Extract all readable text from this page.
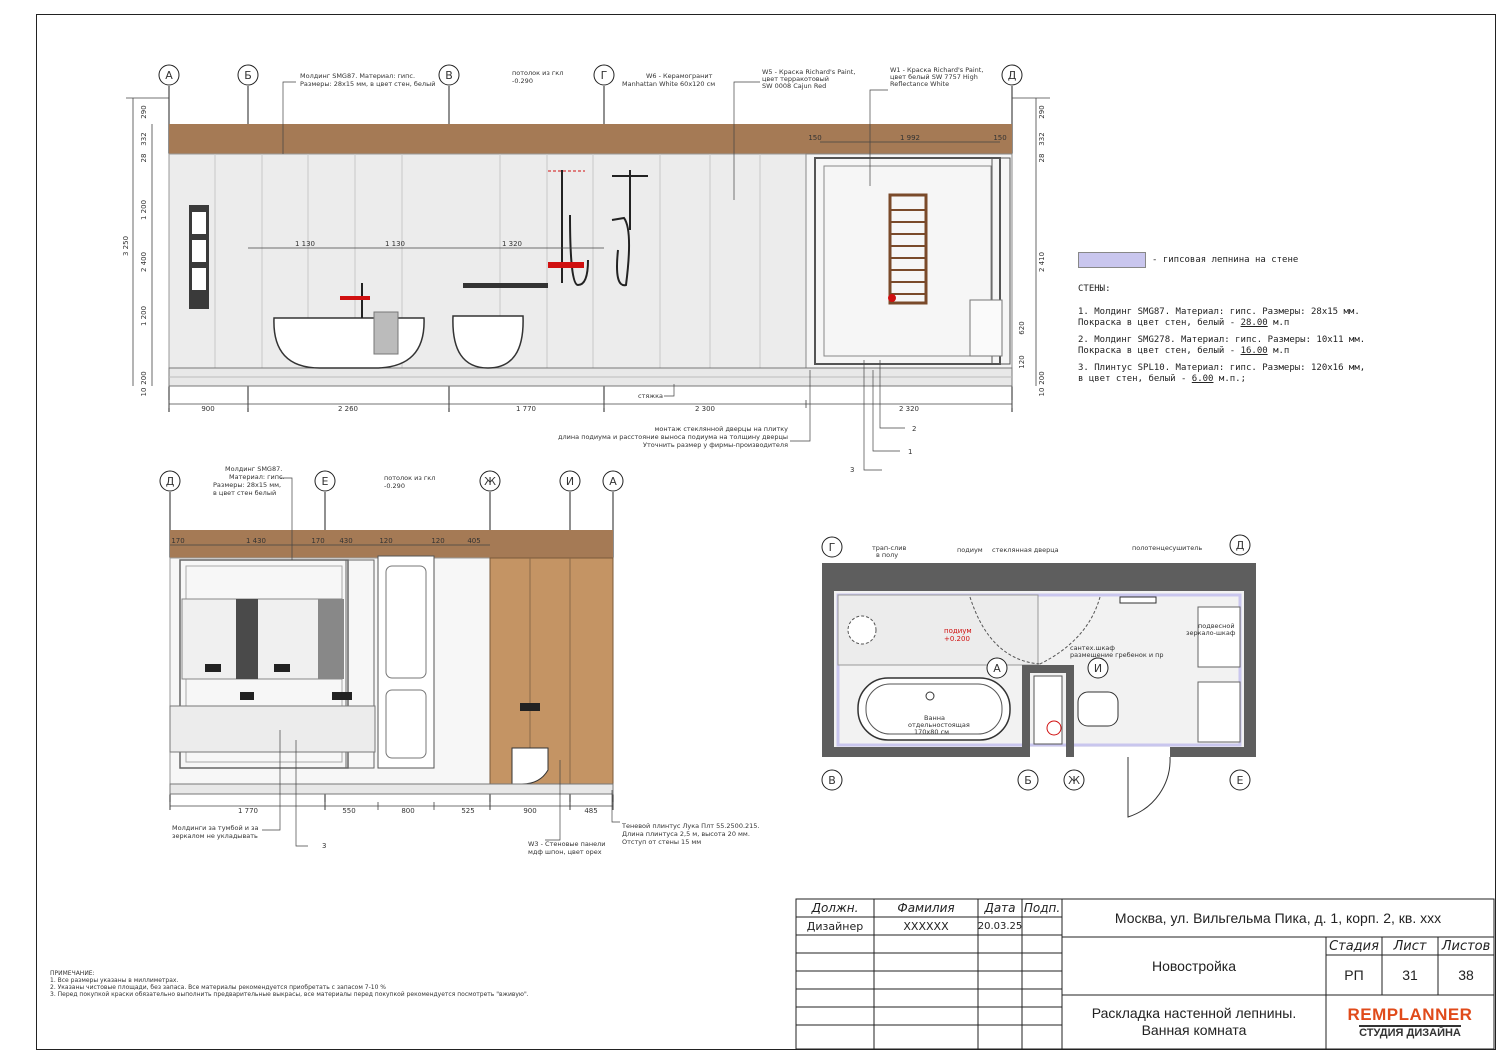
А	Б	В	Г	Д
900	2 260	1 770	2 300	2 320
1 130	1 130	1 320
150	1 992	150
290
332
28
1 200
2 400
1 200
3 250
200
10
290
332
28
2 410
620
120
200
10
Молдинг SMG87. Материал: гипс.
Размеры: 28x15 мм, в цвет стен, белый
потолок из гкл
-0.290
W6 - Керамогранит
Manhattan White 60x120 см
W5 - Краска Richard's Paint,
цвет терракотовый
SW 0008 Cajun Red
W1 - Краска Richard's Paint,
цвет белый SW 7757 High
Reflectance White
стяжка
монтаж стеклянной дверцы на плитку
длина подиума и расстояние выноса подиума на толщину дверцы
Уточнить размер у фирмы-производителя
1
2
3

- гипсовая лепнина на стене

СТЕНЫ:

1. Молдинг SMG87. Материал: гипс. Размеры: 28x15 мм.

Покраска в цвет стен, белый - 28.00 м.п

2. Молдинг SMG278. Материал: гипс. Размеры: 10x11 мм.

Покраска в цвет стен, белый - 16.00 м.п

3. Плинтус SPL10. Материал: гипс. Размеры: 120x16 мм,

в цвет стен, белый - 6.00 м.п.;

Д	Е	Ж	И	А
1 770	550	800	525	900	485
170	1 430	170 430	120	120	405
Молдинг SMG87.
Материал: гипс.
Размеры: 28x15 мм,
в цвет стен белый
потолок из гкл
-0.290
Молдинги за тумбой и за
зеркалом не укладывать
W3 - Стеновые панели
мдф шпон, цвет орех
Теневой плинтус Лука Плт 55.2500.215.
Длина плинтуса 2,5 м, высота 20 мм.
Отступ от стены 15 мм
3
Г	Д
В	Б	Ж	Е
А	И
трап-слив
в полу
подиум стеклянная дверца	полотенцесушитель
подвесной
зеркало-шкаф
сантех.шкаф
размещение гребенок и пр
Ванна
отдельностоящая
170x80 см
подиум
+0.200
ПРИМЕЧАНИЕ:
1. Все размеры указаны в миллиметрах.
2. Указаны чистовые площади, без запаса. Все материалы рекомендуется приобретать с запасом 7-10 %
3. Перед покупкой краски обязательно выполнить предварительные выкрасы, все материалы перед покупкой рекомендуется посмотреть "вживую".
Должн.	Фамилия	Дата Подп.
Дизайнер	XXXXXX	20.03.25	Москва, ул. Вильгельма Пика, д. 1, корп. 2, кв. xxx
Новостройка
Стадия	Лист	Листов
РП	31	38
Раскладка настенной лепнины.
Ванная комната
REMPLANNER
СТУДИЯ ДИЗАЙНА
